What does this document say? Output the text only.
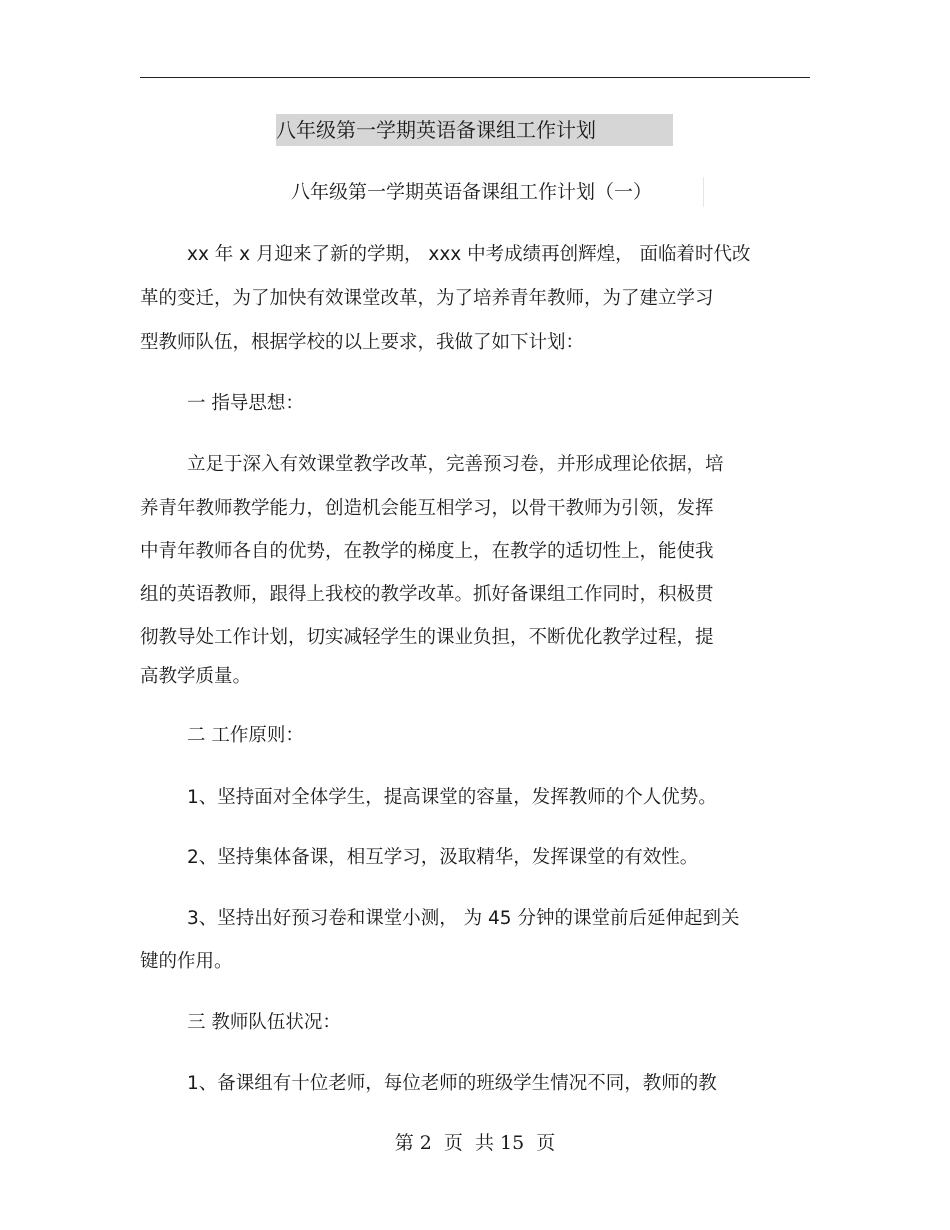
八年级第一学期英语备课组工作计划
八年级第一学期英语备课组工作计划（一）
xx 年 x 月迎来了新的学期， xxx 中考成绩再创辉煌， 面临着时代改
革的变迁，为了加快有效课堂改革，为了培养青年教师，为了建立学习
型教师队伍，根据学校的以上要求，我做了如下计划：
一 指导思想：
立足于深入有效课堂教学改革，完善预习卷，并形成理论依据，培
养青年教师教学能力，创造机会能互相学习，以骨干教师为引领，发挥
中青年教师各自的优势，在教学的梯度上，在教学的适切性上，能使我
组的英语教师，跟得上我校的教学改革。抓好备课组工作同时，积极贯
彻教导处工作计划，切实减轻学生的课业负担，不断优化教学过程，提
高教学质量。
二 工作原则：
1、坚持面对全体学生，提高课堂的容量，发挥教师的个人优势。
2、坚持集体备课，相互学习，汲取精华，发挥课堂的有效性。
3、坚持出好预习卷和课堂小测， 为 45 分钟的课堂前后延伸起到关
键的作用。
三 教师队伍状况：
1、备课组有十位老师，每位老师的班级学生情况不同，教师的教
第 2  页  共 15  页
